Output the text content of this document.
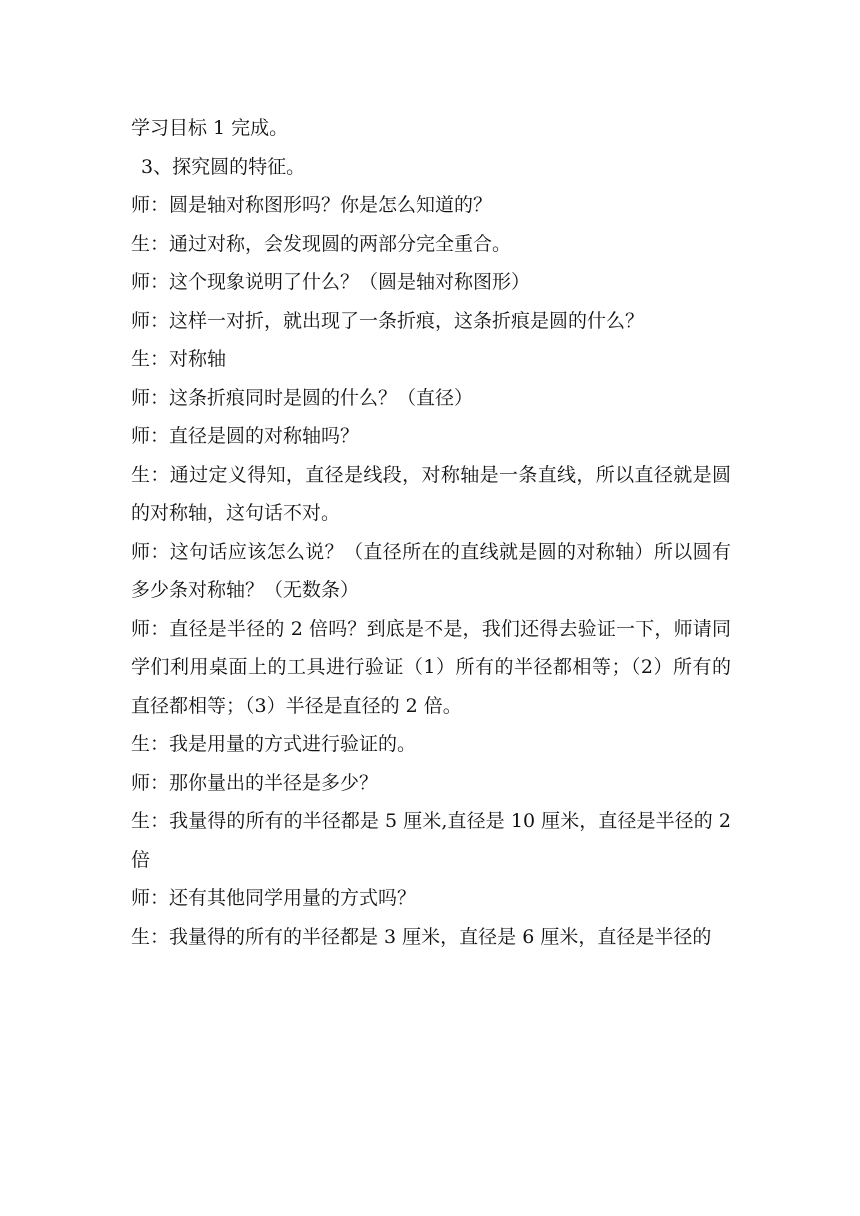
学习目标 1 完成。

3、探究圆的特征。

师：圆是轴对称图形吗？你是怎么知道的？

生：通过对称，会发现圆的两部分完全重合。

师：这个现象说明了什么？（圆是轴对称图形）

师：这样一对折，就出现了一条折痕，这条折痕是圆的什么？

生：对称轴

师：这条折痕同时是圆的什么？（直径）

师：直径是圆的对称轴吗？

生：通过定义得知，直径是线段，对称轴是一条直线，所以直径就是圆的对称轴，这句话不对。

师：这句话应该怎么说？（直径所在的直线就是圆的对称轴）所以圆有多少条对称轴？（无数条）

师：直径是半径的 2 倍吗？到底是不是，我们还得去验证一下，师请同学们利用桌面上的工具进行验证（1）所有的半径都相等；（2）所有的直径都相等；（3）半径是直径的 2 倍。

生：我是用量的方式进行验证的。

师：那你量出的半径是多少？

生：我量得的所有的半径都是 5 厘米,直径是 10 厘米，直径是半径的 2 倍

师：还有其他同学用量的方式吗？

生：我量得的所有的半径都是 3 厘米，直径是 6 厘米，直径是半径的
